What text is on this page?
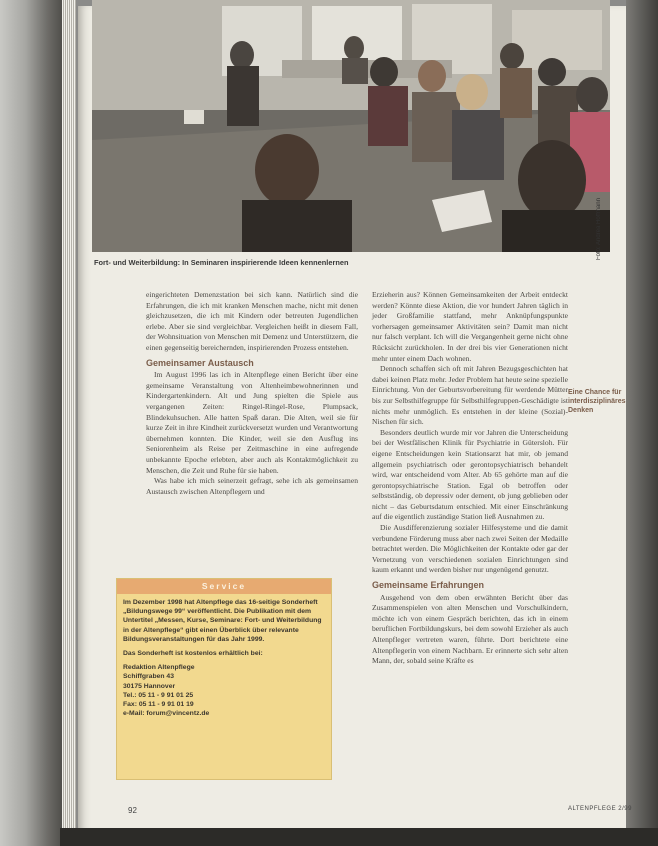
Foto: Andrea Hoffmann
Fort- und Weiterbildung: In Seminaren inspirierende Ideen kennenlernen

eingerichteten Demenzstation bei sich kann. Natürlich sind die Erfahrungen, die ich mit kranken Menschen mache, nicht mit denen gleichzusetzen, die ich mit Kindern oder betreuten Jugendlichen erlebe. Aber sie sind vergleichbar. Vergleichen heißt in diesem Fall, der Wohnsituation von Menschen mit Demenz und Unterstützern, die einen gegenseitig bereichernden, inspirierenden Prozess entstehen.

Gemeinsamer Austausch

Im August 1996 las ich in Altenpflege einen Bericht über eine gemeinsame Veranstaltung von Altenheimbewohnerinnen und Kindergartenkindern. Alt und Jung spielten die Spiele aus vergangenen Zeiten: Ringel-Ringel-Rose, Plumpsack, Blindekuhsuchen. Alle hatten Spaß daran. Die Alten, weil sie für kurze Zeit in ihre Kindheit zurückversetzt wurden und Verantwortung übernehmen konnten. Die Kinder, weil sie den Ausflug ins Seniorenheim als Reise per Zeitmaschine in eine aufregende unbekannte Epoche erlebten, aber auch als Kontaktmöglichkeit zu Menschen, die Zeit und Ruhe für sie haben.

Was habe ich mich seinerzeit gefragt, sehe ich als gemeinsamen Austausch zwischen Altenpflegern und

Service

Im Dezember 1998 hat Altenpflege das 16-seitige Sonderheft „Bildungswege 99“ veröffentlicht. Die Publikation mit dem Untertitel „Messen, Kurse, Seminare: Fort- und Weiterbildung in der Altenpflege“ gibt einen Überblick über relevante Bildungsveranstaltungen für das Jahr 1999.

Das Sonderheft ist kostenlos erhältlich bei:

Redaktion Altenpflege

Schiffgraben 43

30175 Hannover

Tel.: 05 11 - 9 91 01 25

Fax: 05 11 - 9 91 01 19

e-Mail: forum@vincentz.de

Erzieherin aus? Können Gemeinsamkeiten der Arbeit entdeckt werden? Könnte diese Aktion, die vor hundert Jahren täglich in jeder Großfamilie stattfand, mehr Anknüpfungspunkte vorhersagen gemeinsamer Aktivitäten sein? Damit man nicht nur falsch verplant. Ich will die Vergangenheit gerne nicht ohne Rücksicht zurückholen. In der drei bis vier Generationen nicht mehr unter einem Dach wohnen.

Dennoch schaffen sich oft mit Jahren Bezugsgeschichten hat dabei keinen Platz mehr. Jeder Problem hat heute seine spezielle Einrichtung. Von der Geburtsvorbereitung für werdende Mütter bis zur Selbsthilfegruppe für Selbsthilfegruppen-Geschädigte ist nichts mehr unmöglich. Es entstehen in der kleine (Sozial)-Nischen für sich.

Besonders deutlich wurde mir vor Jahren die Unterscheidung bei der Westfälischen Klinik für Psychiatrie in Gütersloh. Für eigene Entscheidungen kein Stationsarzt hat mir, ob jemand allgemein psychiatrisch oder gerontopsychiatrisch behandelt wird, war entscheidend vom Alter. Ab 65 gehörte man auf die gerontopsychiatrische Station. Egal ob betroffen oder selbstständig, ob depressiv oder dement, ob jung geblieben oder nicht – das Geburtsdatum entschied. Mit einer Einschränkung auf die eigentlich zuständige Station ließ Ausnahmen zu.

Die Ausdifferenzierung sozialer Hilfesysteme und die damit verbundene Förderung muss aber nach zwei Seiten der Medaille betrachtet werden. Die Möglichkeiten der Kontakte oder gar der Vernetzung von verschiedenen sozialen Einrichtungen sind kaum erkannt und werden bisher nur ungenügend genutzt.

Gemeinsame Erfahrungen

Ausgehend von dem oben erwähnten Bericht über das Zusammenspielen von alten Menschen und Vorschulkindern, möchte ich von einem Gespräch berichten, das ich in einem beruflichen Fortbildungskurs, bei dem sowohl Erzieher als auch Altenpfleger vertreten waren, führte. Dort berichtete eine Altenpflegerin von einem Nachbarn. Er erinnerte sich sehr alten Mann, der, sobald seine Kräfte es

Eine Chance für interdisziplinäres Denken
92	ALTENPFLEGE 2/99
